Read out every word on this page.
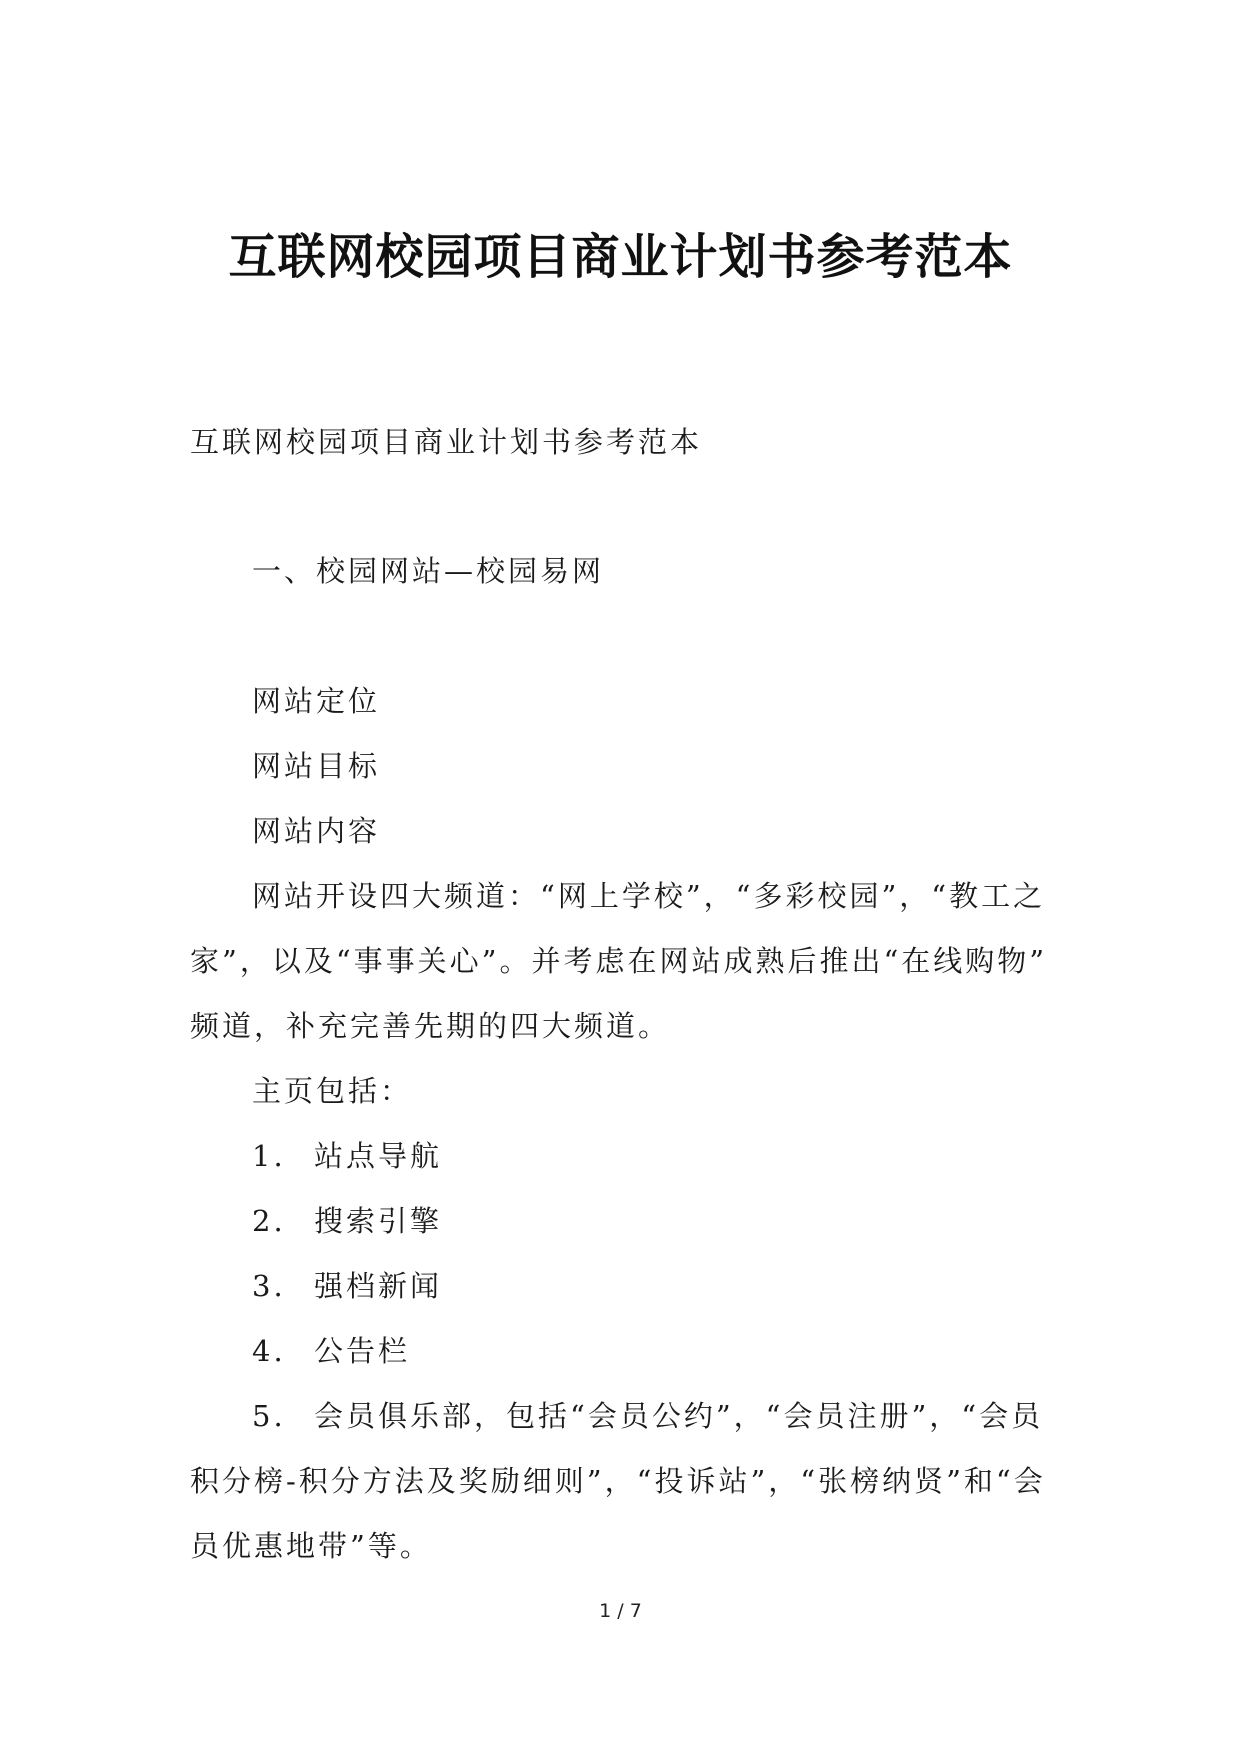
互联网校园项目商业计划书参考范本
互联网校园项目商业计划书参考范本
一、校园网站—校园易网
网站定位
网站目标
网站内容
网站开设四大频道：“网上学校”，“多彩校园”，“教工之
家”，以及“事事关心”。并考虑在网站成熟后推出“在线购物”
频道，补充完善先期的四大频道。
主页包括：
1. 站点导航
2. 搜索引擎
3. 强档新闻
4. 公告栏
5. 会员俱乐部，包括“会员公约”，“会员注册”，“会员
积分榜-积分方法及奖励细则”，“投诉站”，“张榜纳贤”和“会
员优惠地带”等。
1 / 7
